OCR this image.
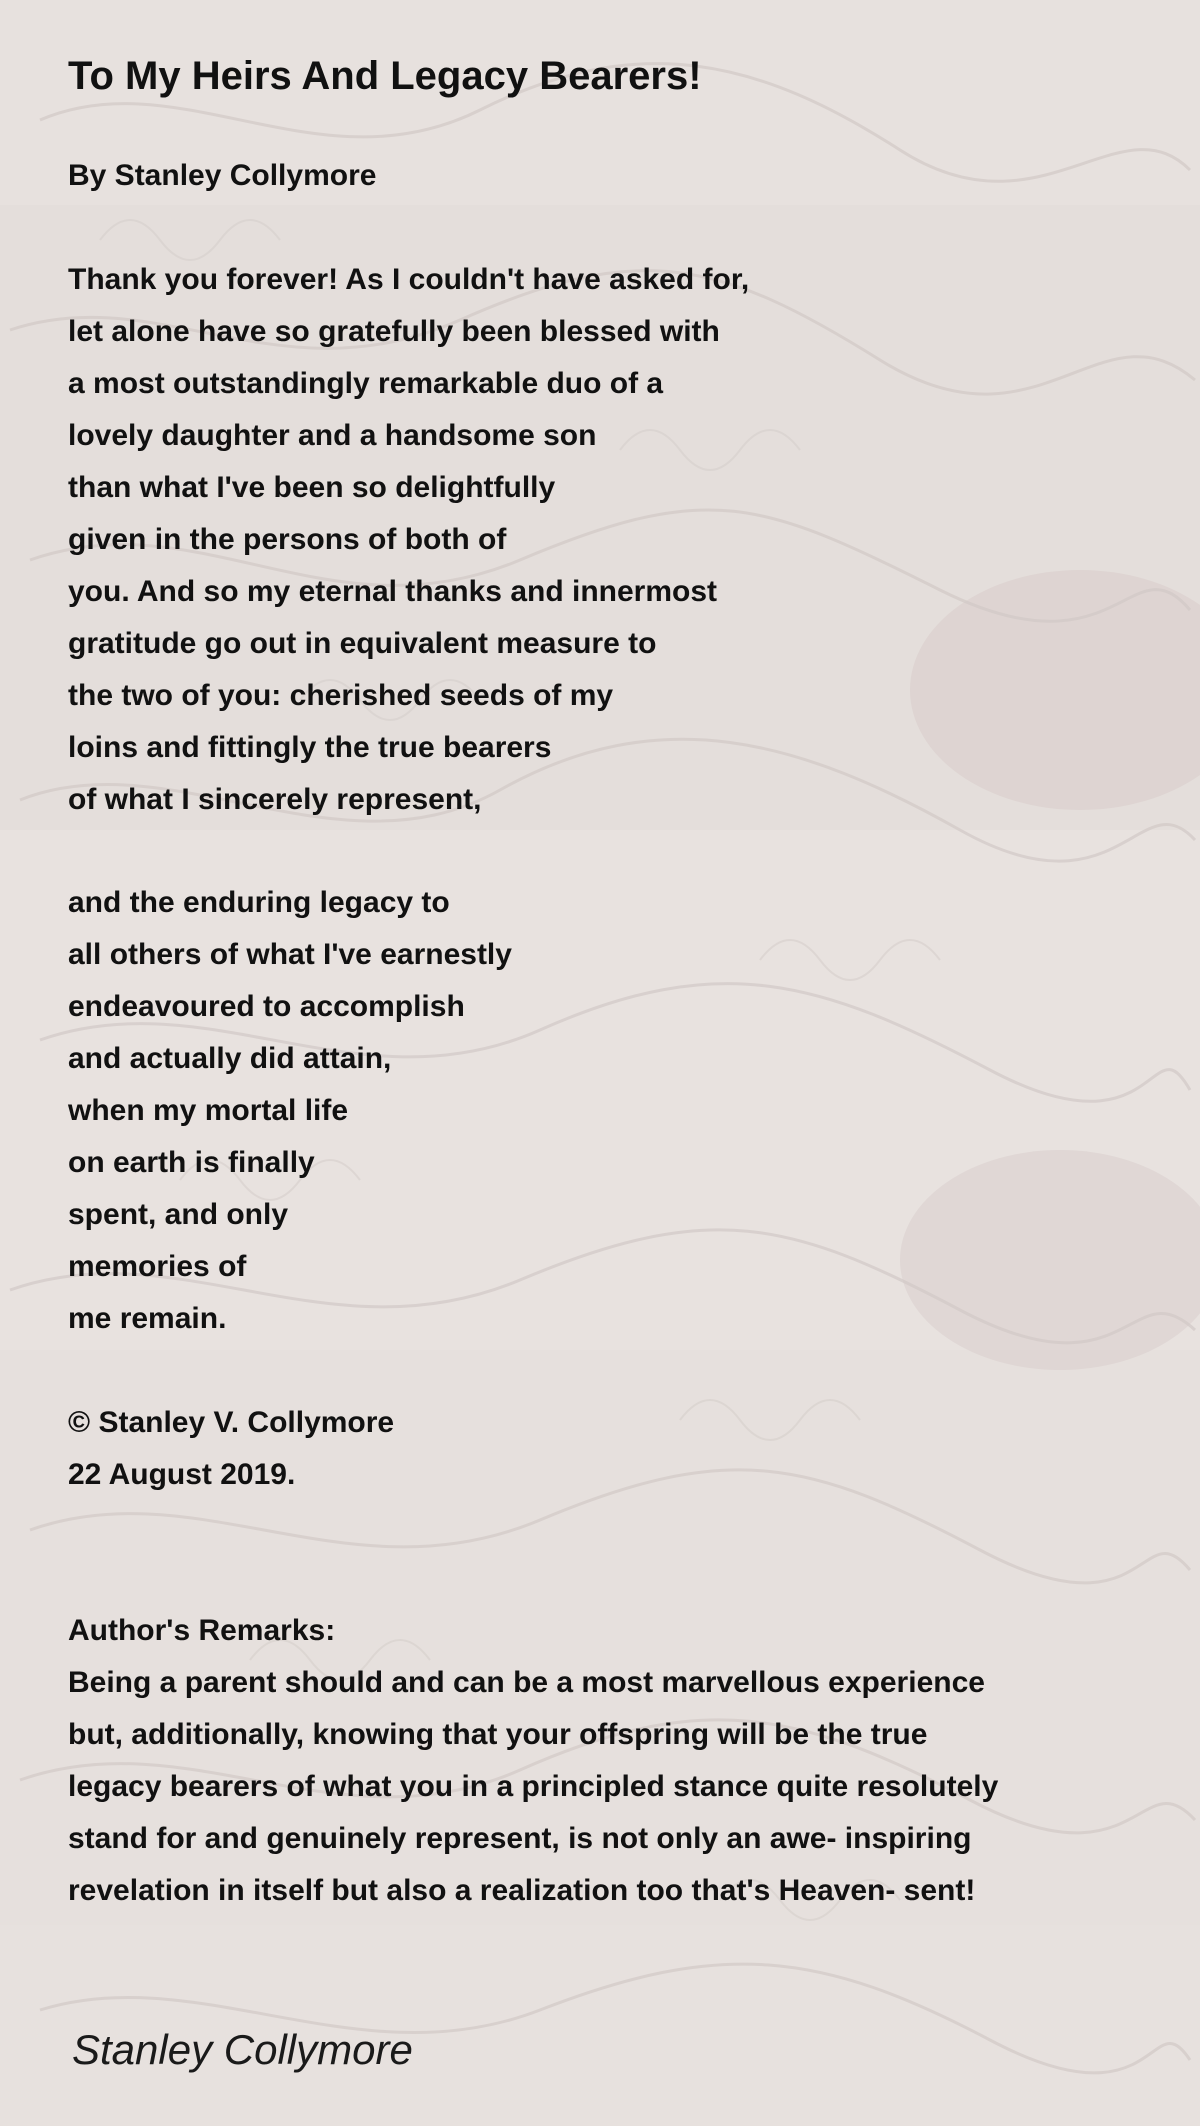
To My Heirs And Legacy Bearers!
By Stanley Collymore
Thank you forever! As I couldn't have asked for,
let alone have so gratefully been blessed with
a most outstandingly remarkable duo of a
lovely daughter and a handsome son
than what I've been so delightfully
given in the persons of both of
you. And so my eternal thanks and innermost
gratitude go out in equivalent measure to
the two of you: cherished seeds of my
loins and fittingly the true bearers
of what I sincerely represent,
and the enduring legacy to
all others of what I've earnestly
endeavoured to accomplish
and actually did attain,
when my mortal life
on earth is finally
spent, and only
memories of
me remain.
© Stanley V. Collymore
22 August 2019.
Author's Remarks:
Being a parent should and can be a most marvellous experience
but, additionally, knowing that your offspring will be the true
legacy bearers of what you in a principled stance quite resolutely
stand for and genuinely represent, is not only an awe- inspiring
revelation in itself but also a realization too that's Heaven- sent!
Stanley Collymore
